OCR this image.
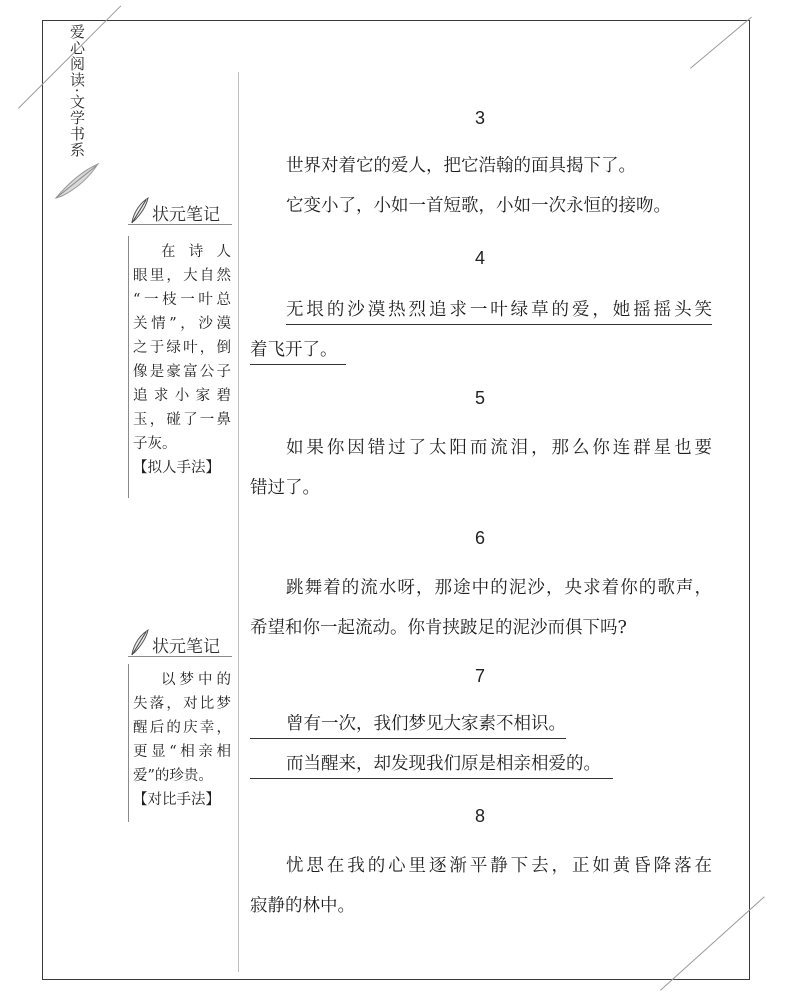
爱心阅读·文学书系
状元笔记
在诗人
眼里，大自然
“一枝一叶总
关情”，沙漠
之于绿叶，倒
像是豪富公子
追求小家碧
玉，碰了一鼻
子灰。
【拟人手法】
状元笔记
以梦中的
失落，对比梦
醒后的庆幸，
更显“相亲相
爱”的珍贵。
【对比手法】
3
世界对着它的爱人，把它浩翰的面具揭下了。
它变小了，小如一首短歌，小如一次永恒的接吻。
4
无垠的沙漠热烈追求一叶绿草的爱，她摇摇头笑
着飞开了。
5
如果你因错过了太阳而流泪，那么你连群星也要
错过了。
6
跳舞着的流水呀，那途中的泥沙，央求着你的歌声，
希望和你一起流动。你肯挟跛足的泥沙而俱下吗?
7
曾有一次，我们梦见大家素不相识。
而当醒来，却发现我们原是相亲相爱的。
8
忧思在我的心里逐渐平静下去，正如黄昏降落在
寂静的林中。
